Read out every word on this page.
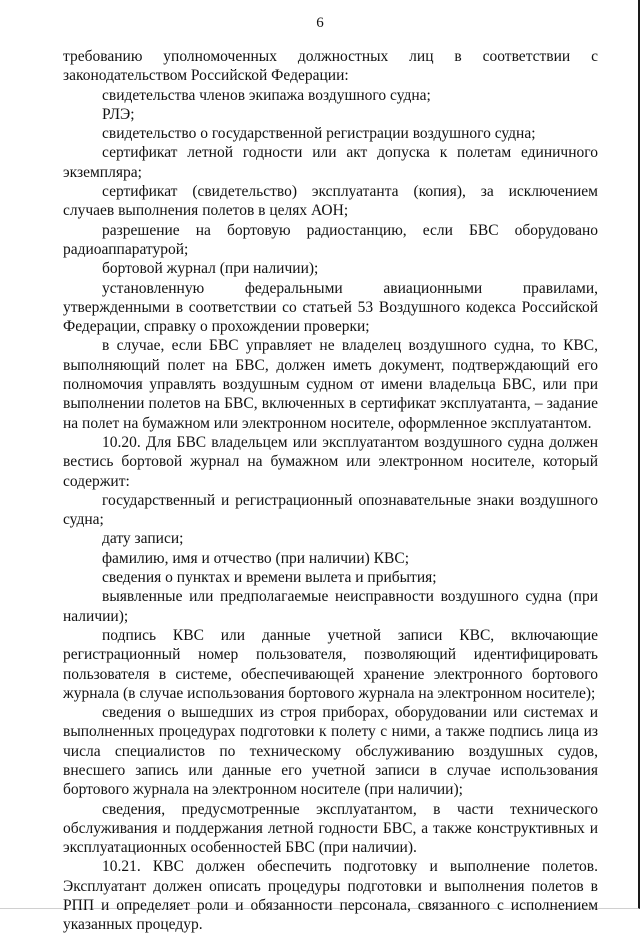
6

требованию уполномоченных должностных лиц в соответствии с законодательством Российской Федерации:

свидетельства членов экипажа воздушного судна;

РЛЭ;

свидетельство о государственной регистрации воздушного судна;

сертификат летной годности или акт допуска к полетам единичного экземпляра;

сертификат (свидетельство) эксплуатанта (копия), за исключением случаев выполнения полетов в целях АОН;

разрешение на бортовую радиостанцию, если БВС оборудовано радиоаппаратурой;

бортовой журнал (при наличии);

установленную федеральными авиационными правилами, утвержденными в соответствии со статьей 53 Воздушного кодекса Российской Федерации, справку о прохождении проверки;

в случае, если БВС управляет не владелец воздушного судна, то КВС, выполняющий полет на БВС, должен иметь документ, подтверждающий его полномочия управлять воздушным судном от имени владельца БВС, или при выполнении полетов на БВС, включенных в сертификат эксплуатанта, – задание на полет на бумажном или электронном носителе, оформленное эксплуатантом.

10.20. Для БВС владельцем или эксплуатантом воздушного судна должен вестись бортовой журнал на бумажном или электронном носителе, который содержит:

государственный и регистрационный опознавательные знаки воздушного судна;

дату записи;

фамилию, имя и отчество (при наличии) КВС;

сведения о пунктах и времени вылета и прибытия;

выявленные или предполагаемые неисправности воздушного судна (при наличии);

подпись КВС или данные учетной записи КВС, включающие регистрационный номер пользователя, позволяющий идентифицировать пользователя в системе, обеспечивающей хранение электронного бортового журнала (в случае использования бортового журнала на электронном носителе);

сведения о вышедших из строя приборах, оборудовании или системах и выполненных процедурах подготовки к полету с ними, а также подпись лица из числа специалистов по техническому обслуживанию воздушных судов, внесшего запись или данные его учетной записи в случае использования бортового журнала на электронном носителе (при наличии);

сведения, предусмотренные эксплуатантом, в части технического обслуживания и поддержания летной годности БВС, а также конструктивных и эксплуатационных особенностей БВС (при наличии).

10.21. КВС должен обеспечить подготовку и выполнение полетов. Эксплуатант должен описать процедуры подготовки и выполнения полетов в РПП и определяет роли и обязанности персонала, связанного с исполнением указанных процедур.
